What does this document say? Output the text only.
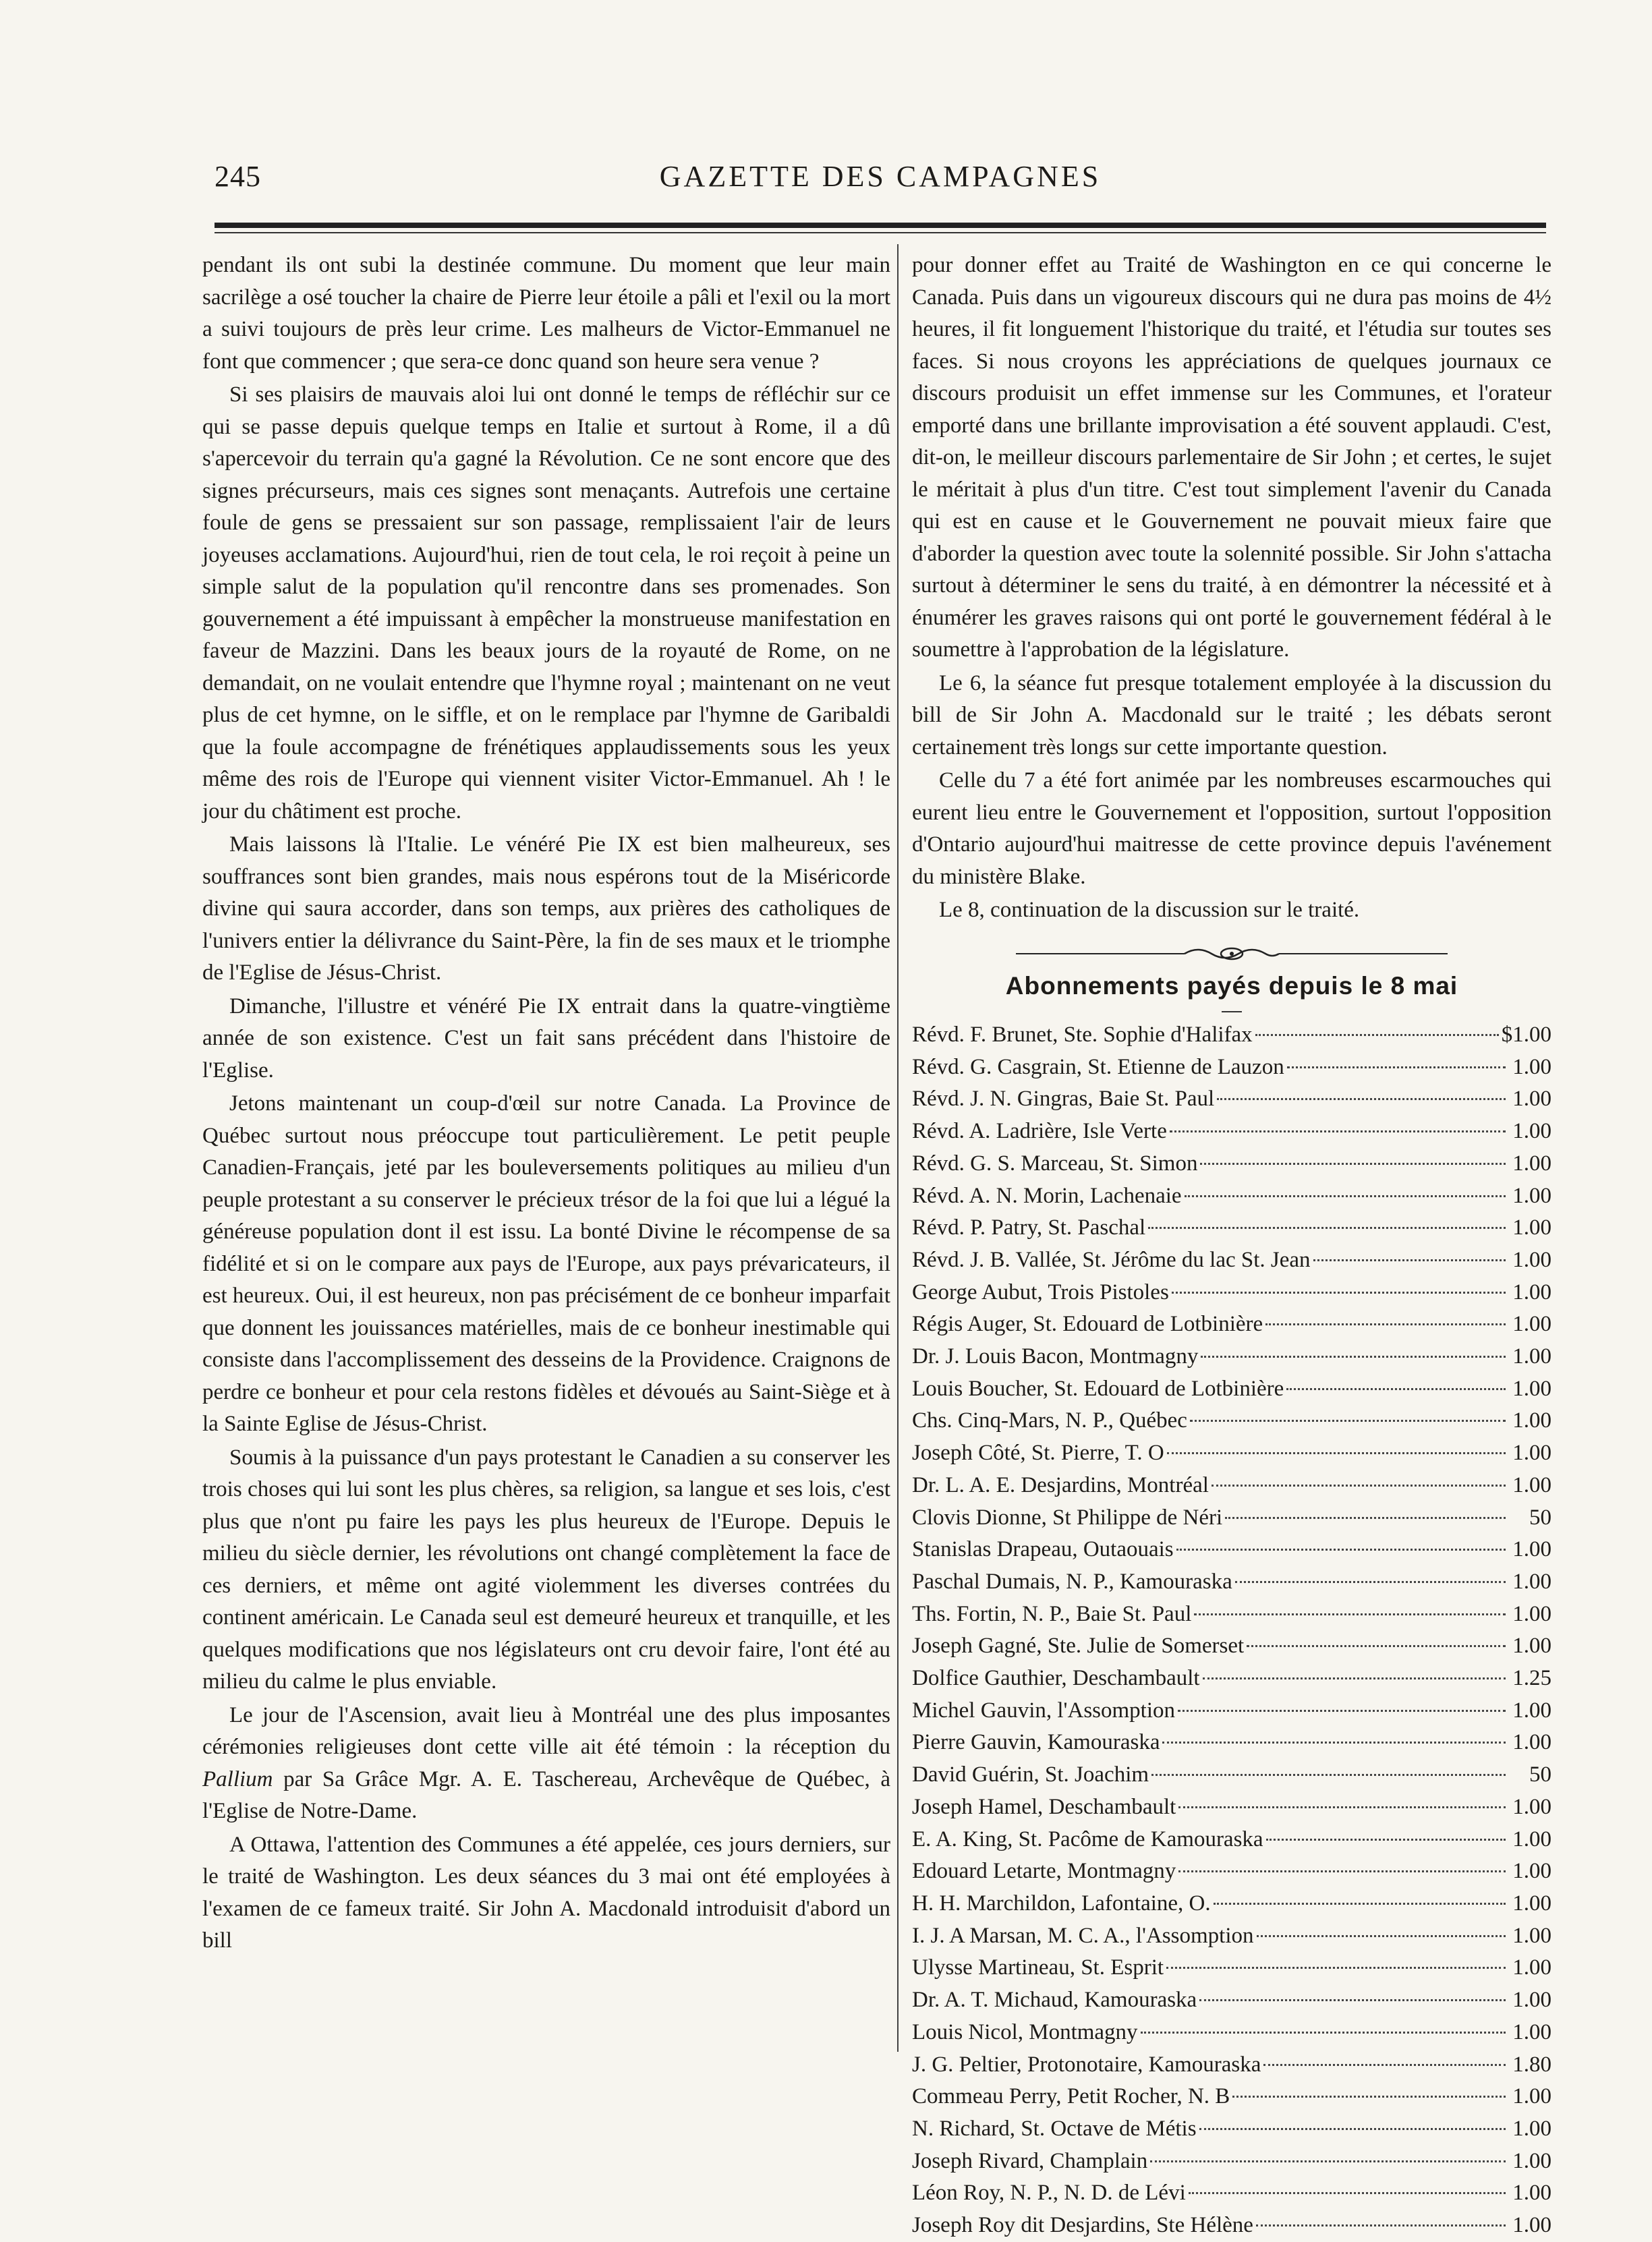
245	GAZETTE DES CAMPAGNES

pendant ils ont subi la destinée commune. Du moment que leur main sacrilège a osé toucher la chaire de Pierre leur étoile a pâli et l'exil ou la mort a suivi toujours de près leur crime. Les malheurs de Victor-Emmanuel ne font que commencer ; que sera-ce donc quand son heure sera venue ?

Si ses plaisirs de mauvais aloi lui ont donné le temps de réfléchir sur ce qui se passe depuis quelque temps en Italie et surtout à Rome, il a dû s'apercevoir du terrain qu'a gagné la Révolution. Ce ne sont encore que des signes précurseurs, mais ces signes sont menaçants. Autrefois une certaine foule de gens se pressaient sur son passage, remplissaient l'air de leurs joyeuses acclamations. Aujourd'hui, rien de tout cela, le roi reçoit à peine un simple salut de la population qu'il rencontre dans ses promenades. Son gouvernement a été impuissant à empêcher la monstrueuse manifestation en faveur de Mazzini. Dans les beaux jours de la royauté de Rome, on ne demandait, on ne voulait entendre que l'hymne royal ; maintenant on ne veut plus de cet hymne, on le siffle, et on le remplace par l'hymne de Garibaldi que la foule accompagne de frénétiques applaudissements sous les yeux même des rois de l'Europe qui viennent visiter Victor-Emmanuel. Ah ! le jour du châtiment est proche.

Mais laissons là l'Italie. Le vénéré Pie IX est bien malheureux, ses souffrances sont bien grandes, mais nous espérons tout de la Miséricorde divine qui saura accorder, dans son temps, aux prières des catholiques de l'univers entier la délivrance du Saint-Père, la fin de ses maux et le triomphe de l'Eglise de Jésus-Christ.

Dimanche, l'illustre et vénéré Pie IX entrait dans la quatre-vingtième année de son existence. C'est un fait sans précédent dans l'histoire de l'Eglise.

Jetons maintenant un coup-d'œil sur notre Canada. La Province de Québec surtout nous préoccupe tout particulièrement. Le petit peuple Canadien-Français, jeté par les bouleversements politiques au milieu d'un peuple protestant a su conserver le précieux trésor de la foi que lui a légué la généreuse population dont il est issu. La bonté Divine le récompense de sa fidélité et si on le compare aux pays de l'Europe, aux pays prévaricateurs, il est heureux. Oui, il est heureux, non pas précisément de ce bonheur imparfait que donnent les jouissances matérielles, mais de ce bonheur inestimable qui consiste dans l'accomplissement des desseins de la Providence. Craignons de perdre ce bonheur et pour cela restons fidèles et dévoués au Saint-Siège et à la Sainte Eglise de Jésus-Christ.

Soumis à la puissance d'un pays protestant le Canadien a su conserver les trois choses qui lui sont les plus chères, sa religion, sa langue et ses lois, c'est plus que n'ont pu faire les pays les plus heureux de l'Europe. Depuis le milieu du siècle dernier, les révolutions ont changé complètement la face de ces derniers, et même ont agité violemment les diverses contrées du continent américain. Le Canada seul est demeuré heureux et tranquille, et les quelques modifications que nos législateurs ont cru devoir faire, l'ont été au milieu du calme le plus enviable.

Le jour de l'Ascension, avait lieu à Montréal une des plus imposantes cérémonies religieuses dont cette ville ait été témoin : la réception du Pallium par Sa Grâce Mgr. A. E. Taschereau, Archevêque de Québec, à l'Eglise de Notre-Dame.

A Ottawa, l'attention des Communes a été appelée, ces jours derniers, sur le traité de Washington. Les deux séances du 3 mai ont été employées à l'examen de ce fameux traité. Sir John A. Macdonald introduisit d'abord un bill

pour donner effet au Traité de Washington en ce qui concerne le Canada. Puis dans un vigoureux discours qui ne dura pas moins de 4½ heures, il fit longuement l'historique du traité, et l'étudia sur toutes ses faces. Si nous croyons les appréciations de quelques journaux ce discours produisit un effet immense sur les Communes, et l'orateur emporté dans une brillante improvisation a été souvent applaudi. C'est, dit-on, le meilleur discours parlementaire de Sir John ; et certes, le sujet le méritait à plus d'un titre. C'est tout simplement l'avenir du Canada qui est en cause et le Gouvernement ne pouvait mieux faire que d'aborder la question avec toute la solennité possible. Sir John s'attacha surtout à déterminer le sens du traité, à en démontrer la nécessité et à énumérer les graves raisons qui ont porté le gouvernement fédéral à le soumettre à l'approbation de la législature.

Le 6, la séance fut presque totalement employée à la discussion du bill de Sir John A. Macdonald sur le traité ; les débats seront certainement très longs sur cette importante question.

Celle du 7 a été fort animée par les nombreuses escarmouches qui eurent lieu entre le Gouvernement et l'opposition, surtout l'opposition d'Ontario aujourd'hui maitresse de cette province depuis l'avénement du ministère Blake.

Le 8, continuation de la discussion sur le traité.

Abonnements payés depuis le 8 mai
Révd. F. Brunet, Ste. Sophie d'Halifax	$1.00
Révd. G. Casgrain, St. Etienne de Lauzon	1.00
Révd. J. N. Gingras, Baie St. Paul	1.00
Révd. A. Ladrière, Isle Verte	1.00
Révd. G. S. Marceau, St. Simon	1.00
Révd. A. N. Morin, Lachenaie	1.00
Révd. P. Patry, St. Paschal	1.00
Révd. J. B. Vallée, St. Jérôme du lac St. Jean	1.00
George Aubut, Trois Pistoles	1.00
Régis Auger, St. Edouard de Lotbinière	1.00
Dr. J. Louis Bacon, Montmagny	1.00
Louis Boucher, St. Edouard de Lotbinière	1.00
Chs. Cinq-Mars, N. P., Québec	1.00
Joseph Côté, St. Pierre, T. O	1.00
Dr. L. A. E. Desjardins, Montréal	1.00
Clovis Dionne, St Philippe de Néri	50
Stanislas Drapeau, Outaouais	1.00
Paschal Dumais, N. P., Kamouraska	1.00
Ths. Fortin, N. P., Baie St. Paul	1.00
Joseph Gagné, Ste. Julie de Somerset	1.00
Dolfice Gauthier, Deschambault	1.25
Michel Gauvin, l'Assomption	1.00
Pierre Gauvin, Kamouraska	1.00
David Guérin, St. Joachim	50
Joseph Hamel, Deschambault	1.00
E. A. King, St. Pacôme de Kamouraska	1.00
Edouard Letarte, Montmagny	1.00
H. H. Marchildon, Lafontaine, O.	1.00
I. J. A Marsan, M. C. A., l'Assomption	1.00
Ulysse Martineau, St. Esprit	1.00
Dr. A. T. Michaud, Kamouraska	1.00
Louis Nicol, Montmagny	1.00
J. G. Peltier, Protonotaire, Kamouraska	1.80
Commeau Perry, Petit Rocher, N. B	1.00
N. Richard, St. Octave de Métis	1.00
Joseph Rivard, Champlain	1.00
Léon Roy, N. P., N. D. de Lévi	1.00
Joseph Roy dit Desjardins, Ste Hélène	1.00
